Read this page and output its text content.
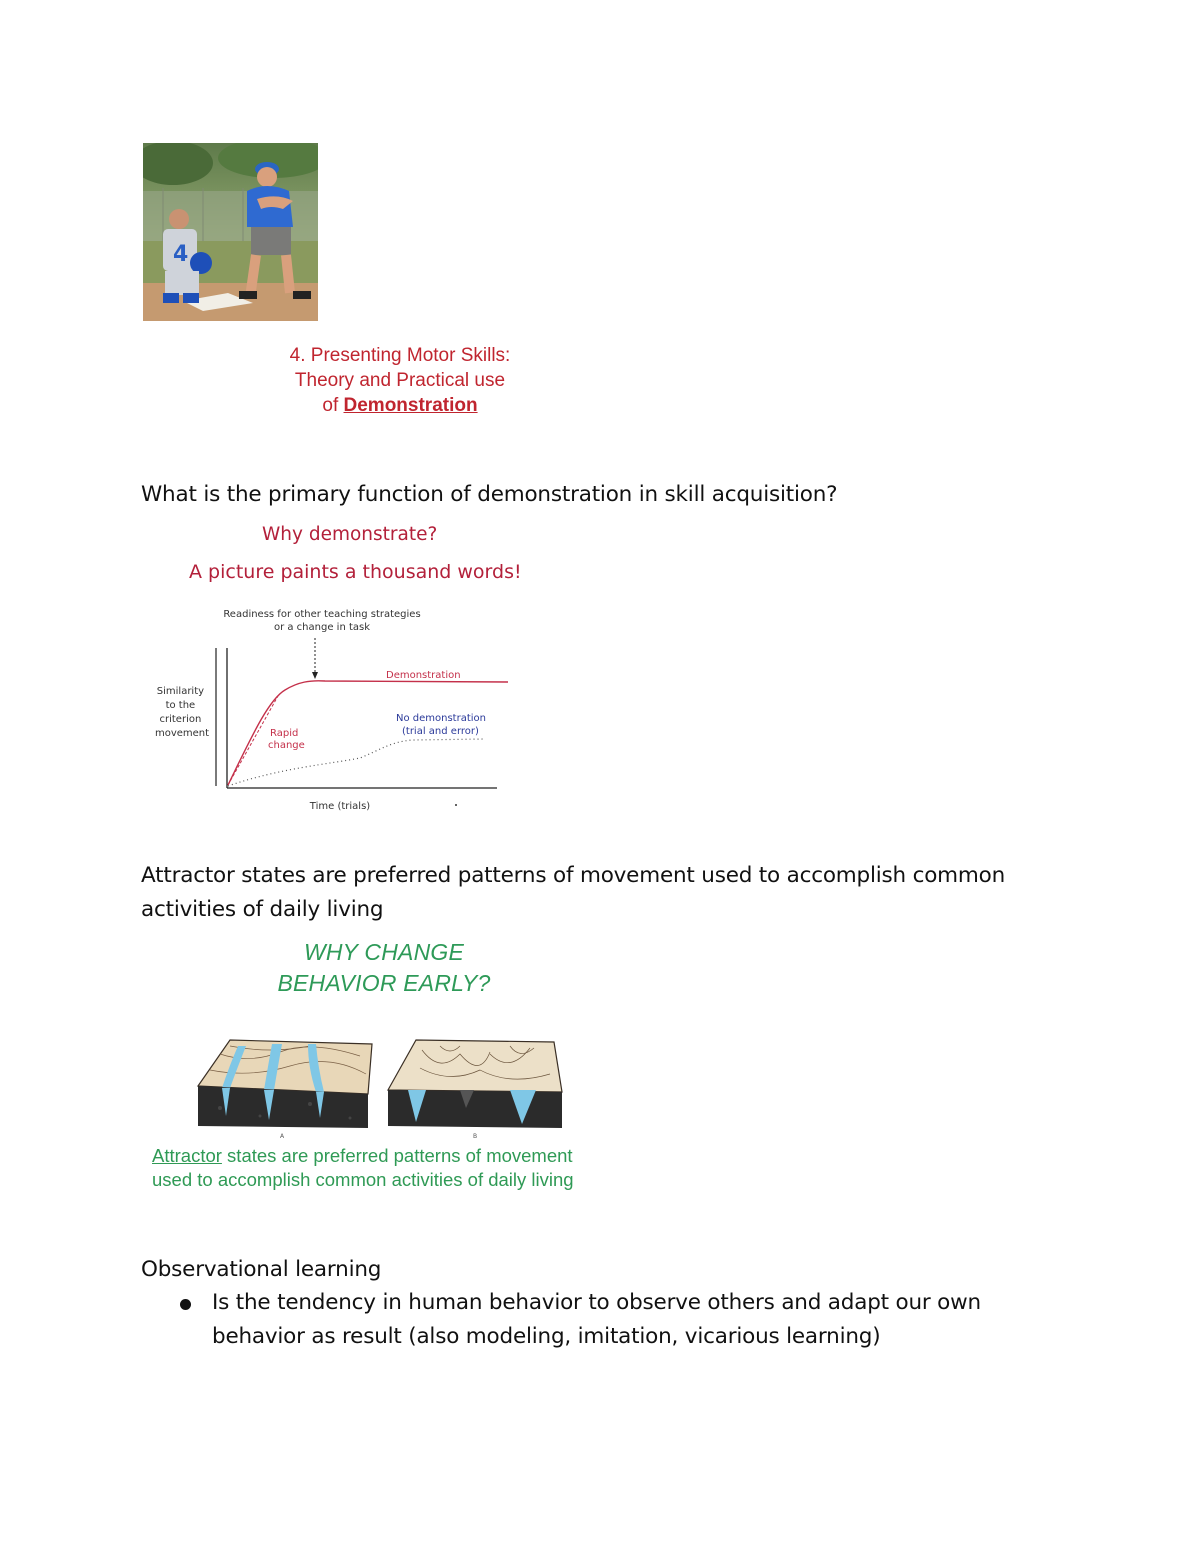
4
4. Presenting Motor Skills:
Theory and Practical use
of Demonstration
What is the primary function of demonstration in skill acquisition?
Why demonstrate?
A picture paints a thousand words!
Readiness for other teaching strategies
or a change in task
Similarity to the criterion movement
Demonstration
Rapid
change
No demonstration
(trial and error)
Time (trials)
Attractor states are preferred patterns of movement used to accomplish common
activities of daily living
WHY CHANGE
BEHAVIOR EARLY?
A	B
Attractor states are preferred patterns of movement
used to accomplish common activities of daily living
Observational learning
Is the tendency in human behavior to observe others and adapt our own
behavior as result (also modeling, imitation, vicarious learning)
